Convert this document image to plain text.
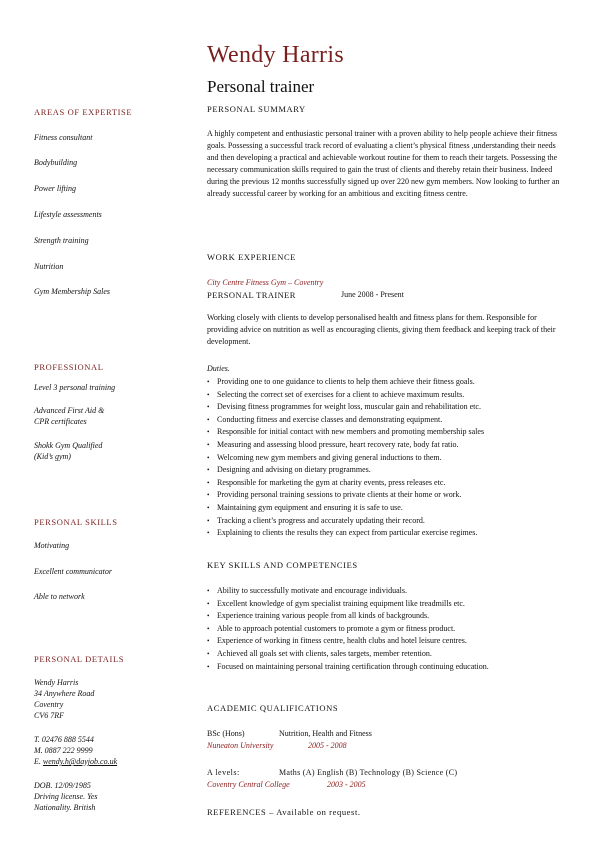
Wendy Harris
Personal trainer
AREAS OF EXPERTISE
Fitness consultant
Bodybuilding
Power lifting
Lifestyle assessments
Strength training
Nutrition
Gym Membership Sales
PROFESSIONAL
Level 3 personal training
Advanced First Aid &
CPR certificates
Shokk Gym Qualified
(Kid’s gym)
PERSONAL SKILLS
Motivating
Excellent communicator
Able to network
PERSONAL DETAILS
Wendy Harris
34 Anywhere Road
Coventry
CV6 7RF
T. 02476 888 5544
M. 0887 222 9999
E. wendy.h@dayjob.co.uk
DOB. 12/09/1985
Driving license. Yes
Nationality. British
PERSONAL SUMMARY
A highly competent and enthusiastic personal trainer with a proven ability to help people achieve their fitness goals. Possessing a successful track record of evaluating a client’s physical fitness ,understanding their needs and then developing a practical and achievable workout routine for them to reach their targets. Possessing the necessary communication skills required to gain the trust of clients and thereby retain their business. Indeed during the previous 12 months successfully signed up over 220 new gym members. Now looking to further an already successful career by working for an ambitious and exciting fitness centre.
WORK EXPERIENCE
City Centre Fitness Gym – Coventry
PERSONAL TRAINER	June 2008 - Present
Working closely with clients to develop personalised health and fitness plans for them. Responsible for providing advice on nutrition as well as encouraging clients, giving them feedback and keeping track of their development.
Duties.
• Providing one to one guidance to clients to help them achieve their fitness goals.
• Selecting the correct set of exercises for a client to achieve maximum results.
• Devising fitness programmes for weight loss, muscular gain and rehabilitation etc.
• Conducting fitness and exercise classes and demonstrating equipment.
• Responsible for initial contact with new members and promoting membership sales
• Measuring and assessing blood pressure, heart recovery rate, body fat ratio.
• Welcoming new gym members and giving general inductions to them.
• Designing and advising on dietary programmes.
• Responsible for marketing the gym at charity events, press releases etc.
• Providing personal training sessions to private clients at their home or work.
• Maintaining gym equipment and ensuring it is safe to use.
• Tracking a client’s progress and accurately updating their record.
• Explaining to clients the results they can expect from particular exercise regimes.
KEY SKILLS AND COMPETENCIES
• Ability to successfully motivate and encourage individuals.
• Excellent knowledge of gym specialist training equipment like treadmills etc.
• Experience training various people from all kinds of backgrounds.
• Able to approach potential customers to promote a gym or fitness product.
• Experience of working in fitness centre, health clubs and hotel leisure centres.
• Achieved all goals set with clients, sales targets, member retention.
• Focused on maintaining personal training certification through continuing education.
ACADEMIC QUALIFICATIONS
BSc (Hons)	Nutrition, Health and Fitness
Nuneaton University	2005 - 2008
A levels:	Maths (A) English (B) Technology (B) Science (C)
Coventry Central College	2003 - 2005
REFERENCES – Available on request.
